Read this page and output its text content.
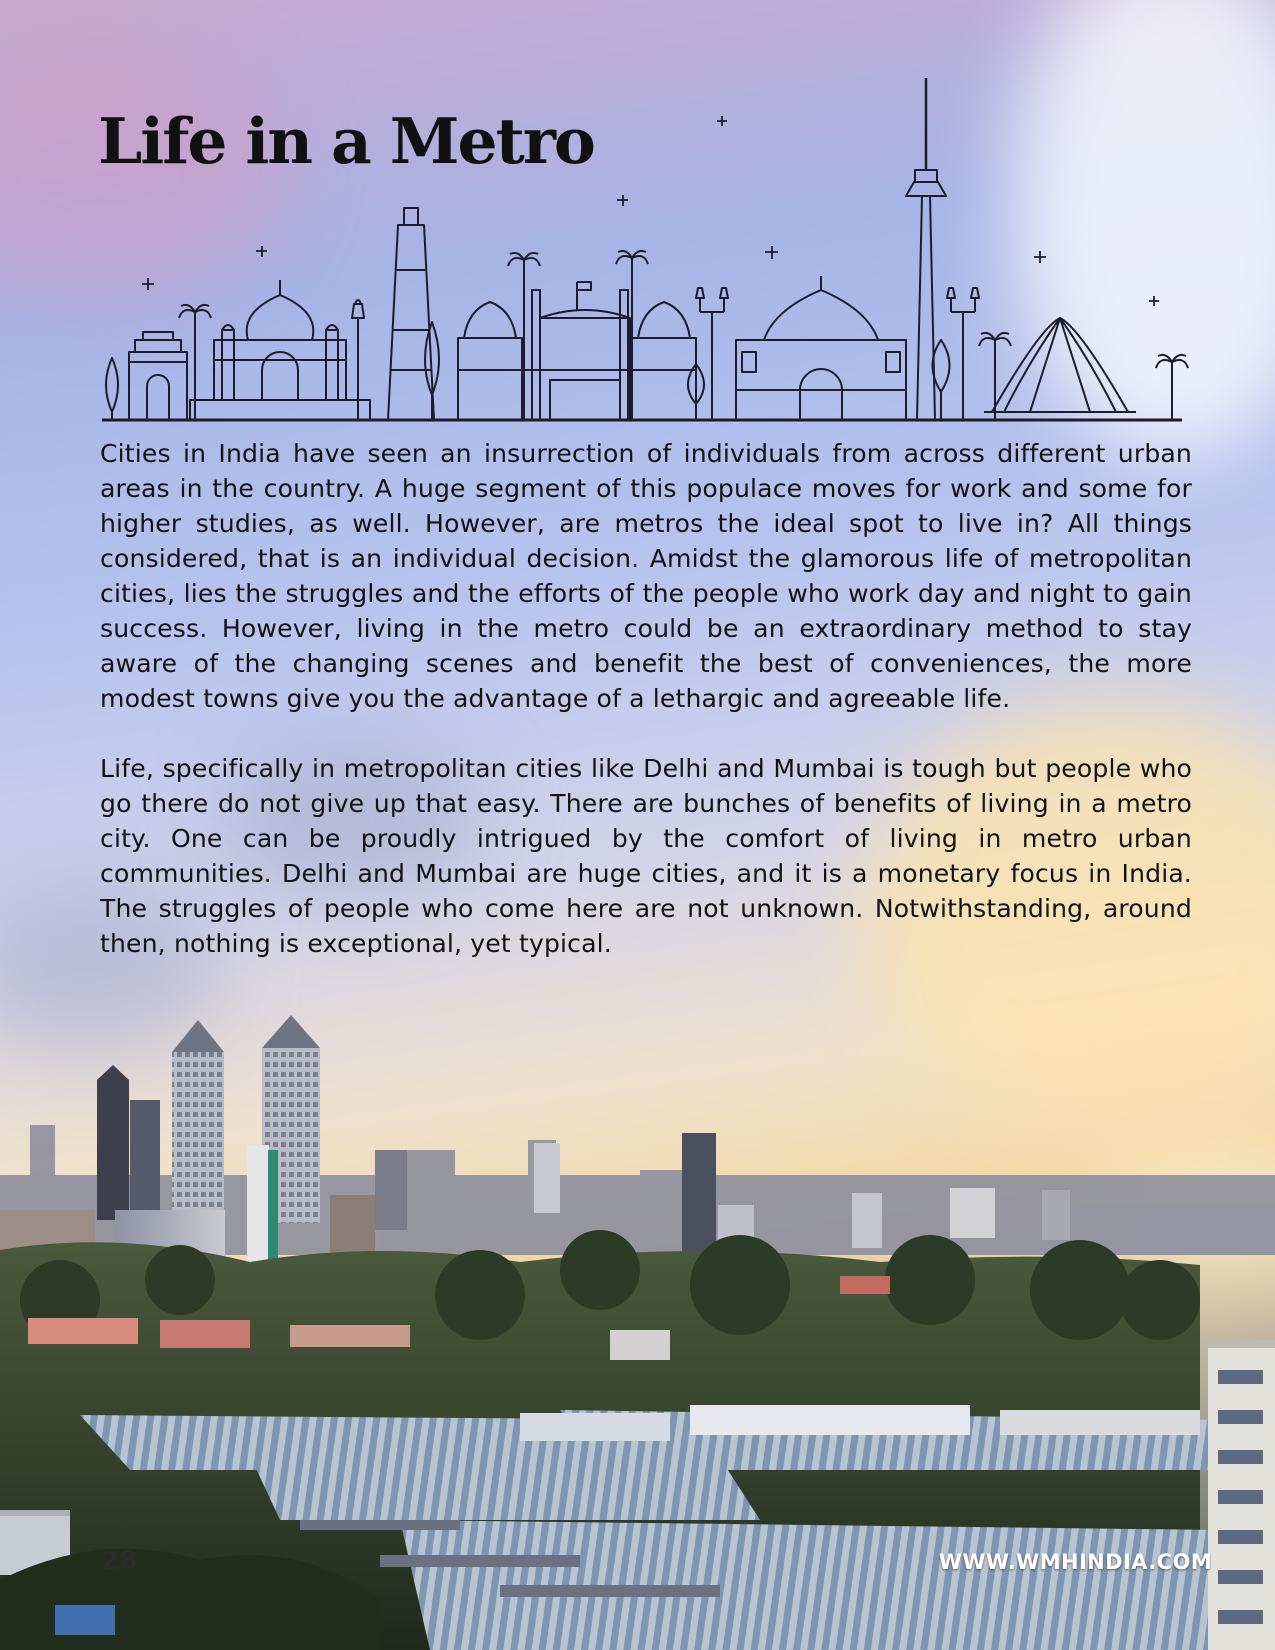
Life in a Metro

Cities in India have seen an insurrection of individuals from across different urban areas in the country. A huge segment of this populace moves for work and some for higher studies, as well. However, are metros the ideal spot to live in? All things considered, that is an individual decision. Amidst the glamorous life of metropolitan cities, lies the struggles and the efforts of the people who work day and night to gain success. However, living in the metro could be an extraordinary method to stay aware of the changing scenes and benefit the best of conveniences, the more modest towns give you the advantage of a lethargic and agreeable life.

Life, specifically in metropolitan cities like Delhi and Mumbai is tough but people who go there do not give up that easy. There are bunches of benefits of living in a metro city. One can be proudly intrigued by the comfort of living in metro urban communities. Delhi and Mumbai are huge cities, and it is a monetary focus in India. The struggles of people who come here are not unknown. Notwithstanding, around then, nothing is exceptional, yet typical.

28	WWW.WMHINDIA.COM
